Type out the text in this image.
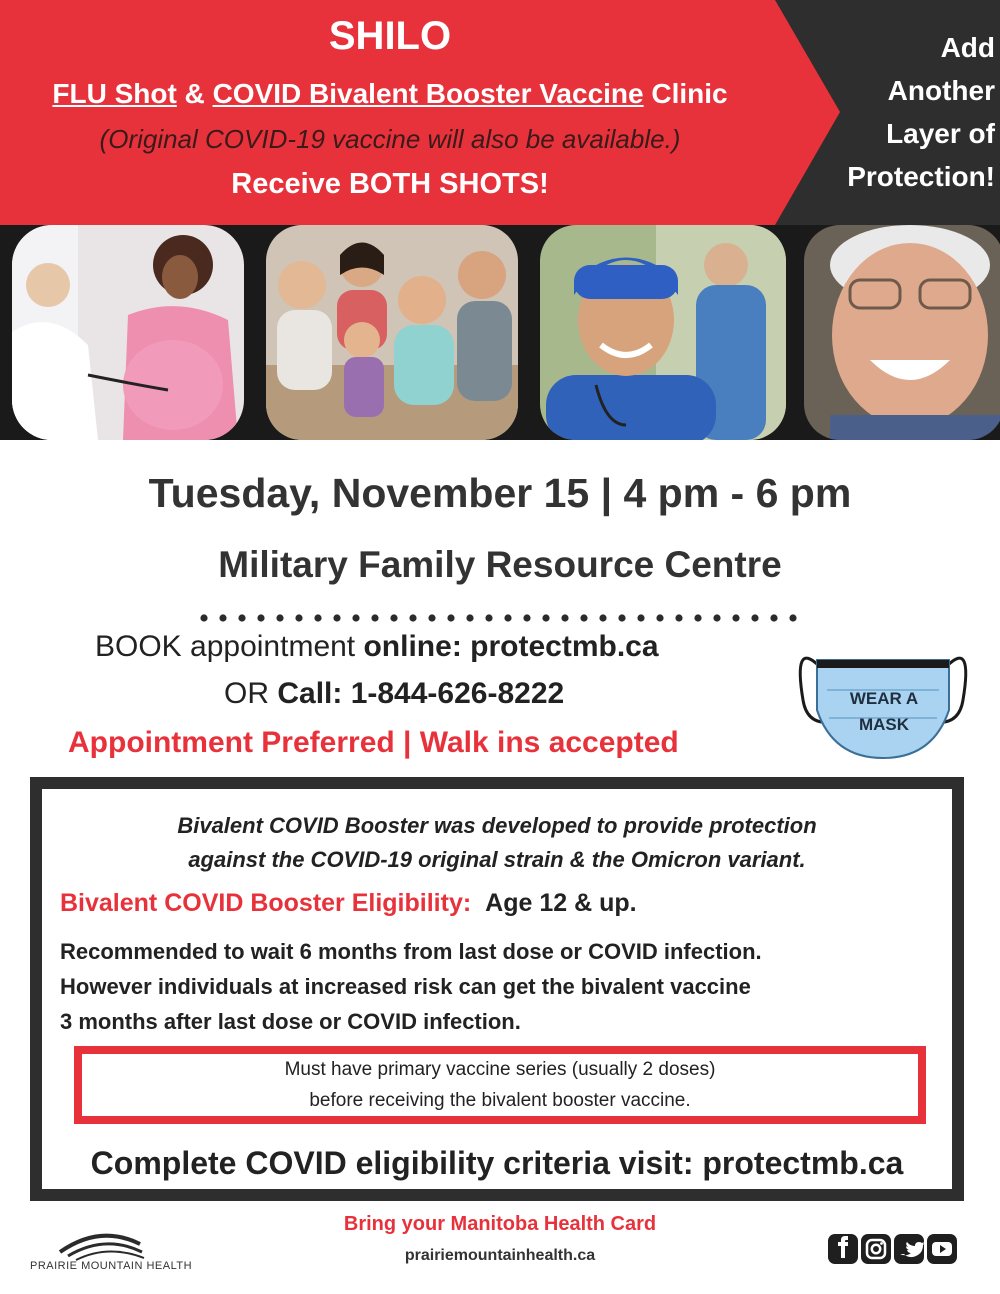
SHILO
FLU Shot & COVID Bivalent Booster Vaccine Clinic
(Original COVID-19 vaccine will also be available.)
Receive BOTH SHOTS!
Add
Another
Layer of
Protection!
Tuesday, November 15 | 4 pm - 6 pm
Military Family Resource Centre
BOOK appointment online: protectmb.ca
OR Call: 1-844-626-8222
Appointment Preferred | Walk ins accepted
WEAR A
MASK
Bivalent COVID Booster was developed to provide protection
against the COVID-19 original strain & the Omicron variant.
Bivalent COVID Booster Eligibility: Age 12 & up.
Recommended to wait 6 months from last dose or COVID infection.
However individuals at increased risk can get the bivalent vaccine
3 months after last dose or COVID infection.
Must have primary vaccine series (usually 2 doses)
before receiving the bivalent booster vaccine.
Complete COVID eligibility criteria visit: protectmb.ca
PRAIRIE MOUNTAIN HEALTH
Bring your Manitoba Health Card
prairiemountainhealth.ca
